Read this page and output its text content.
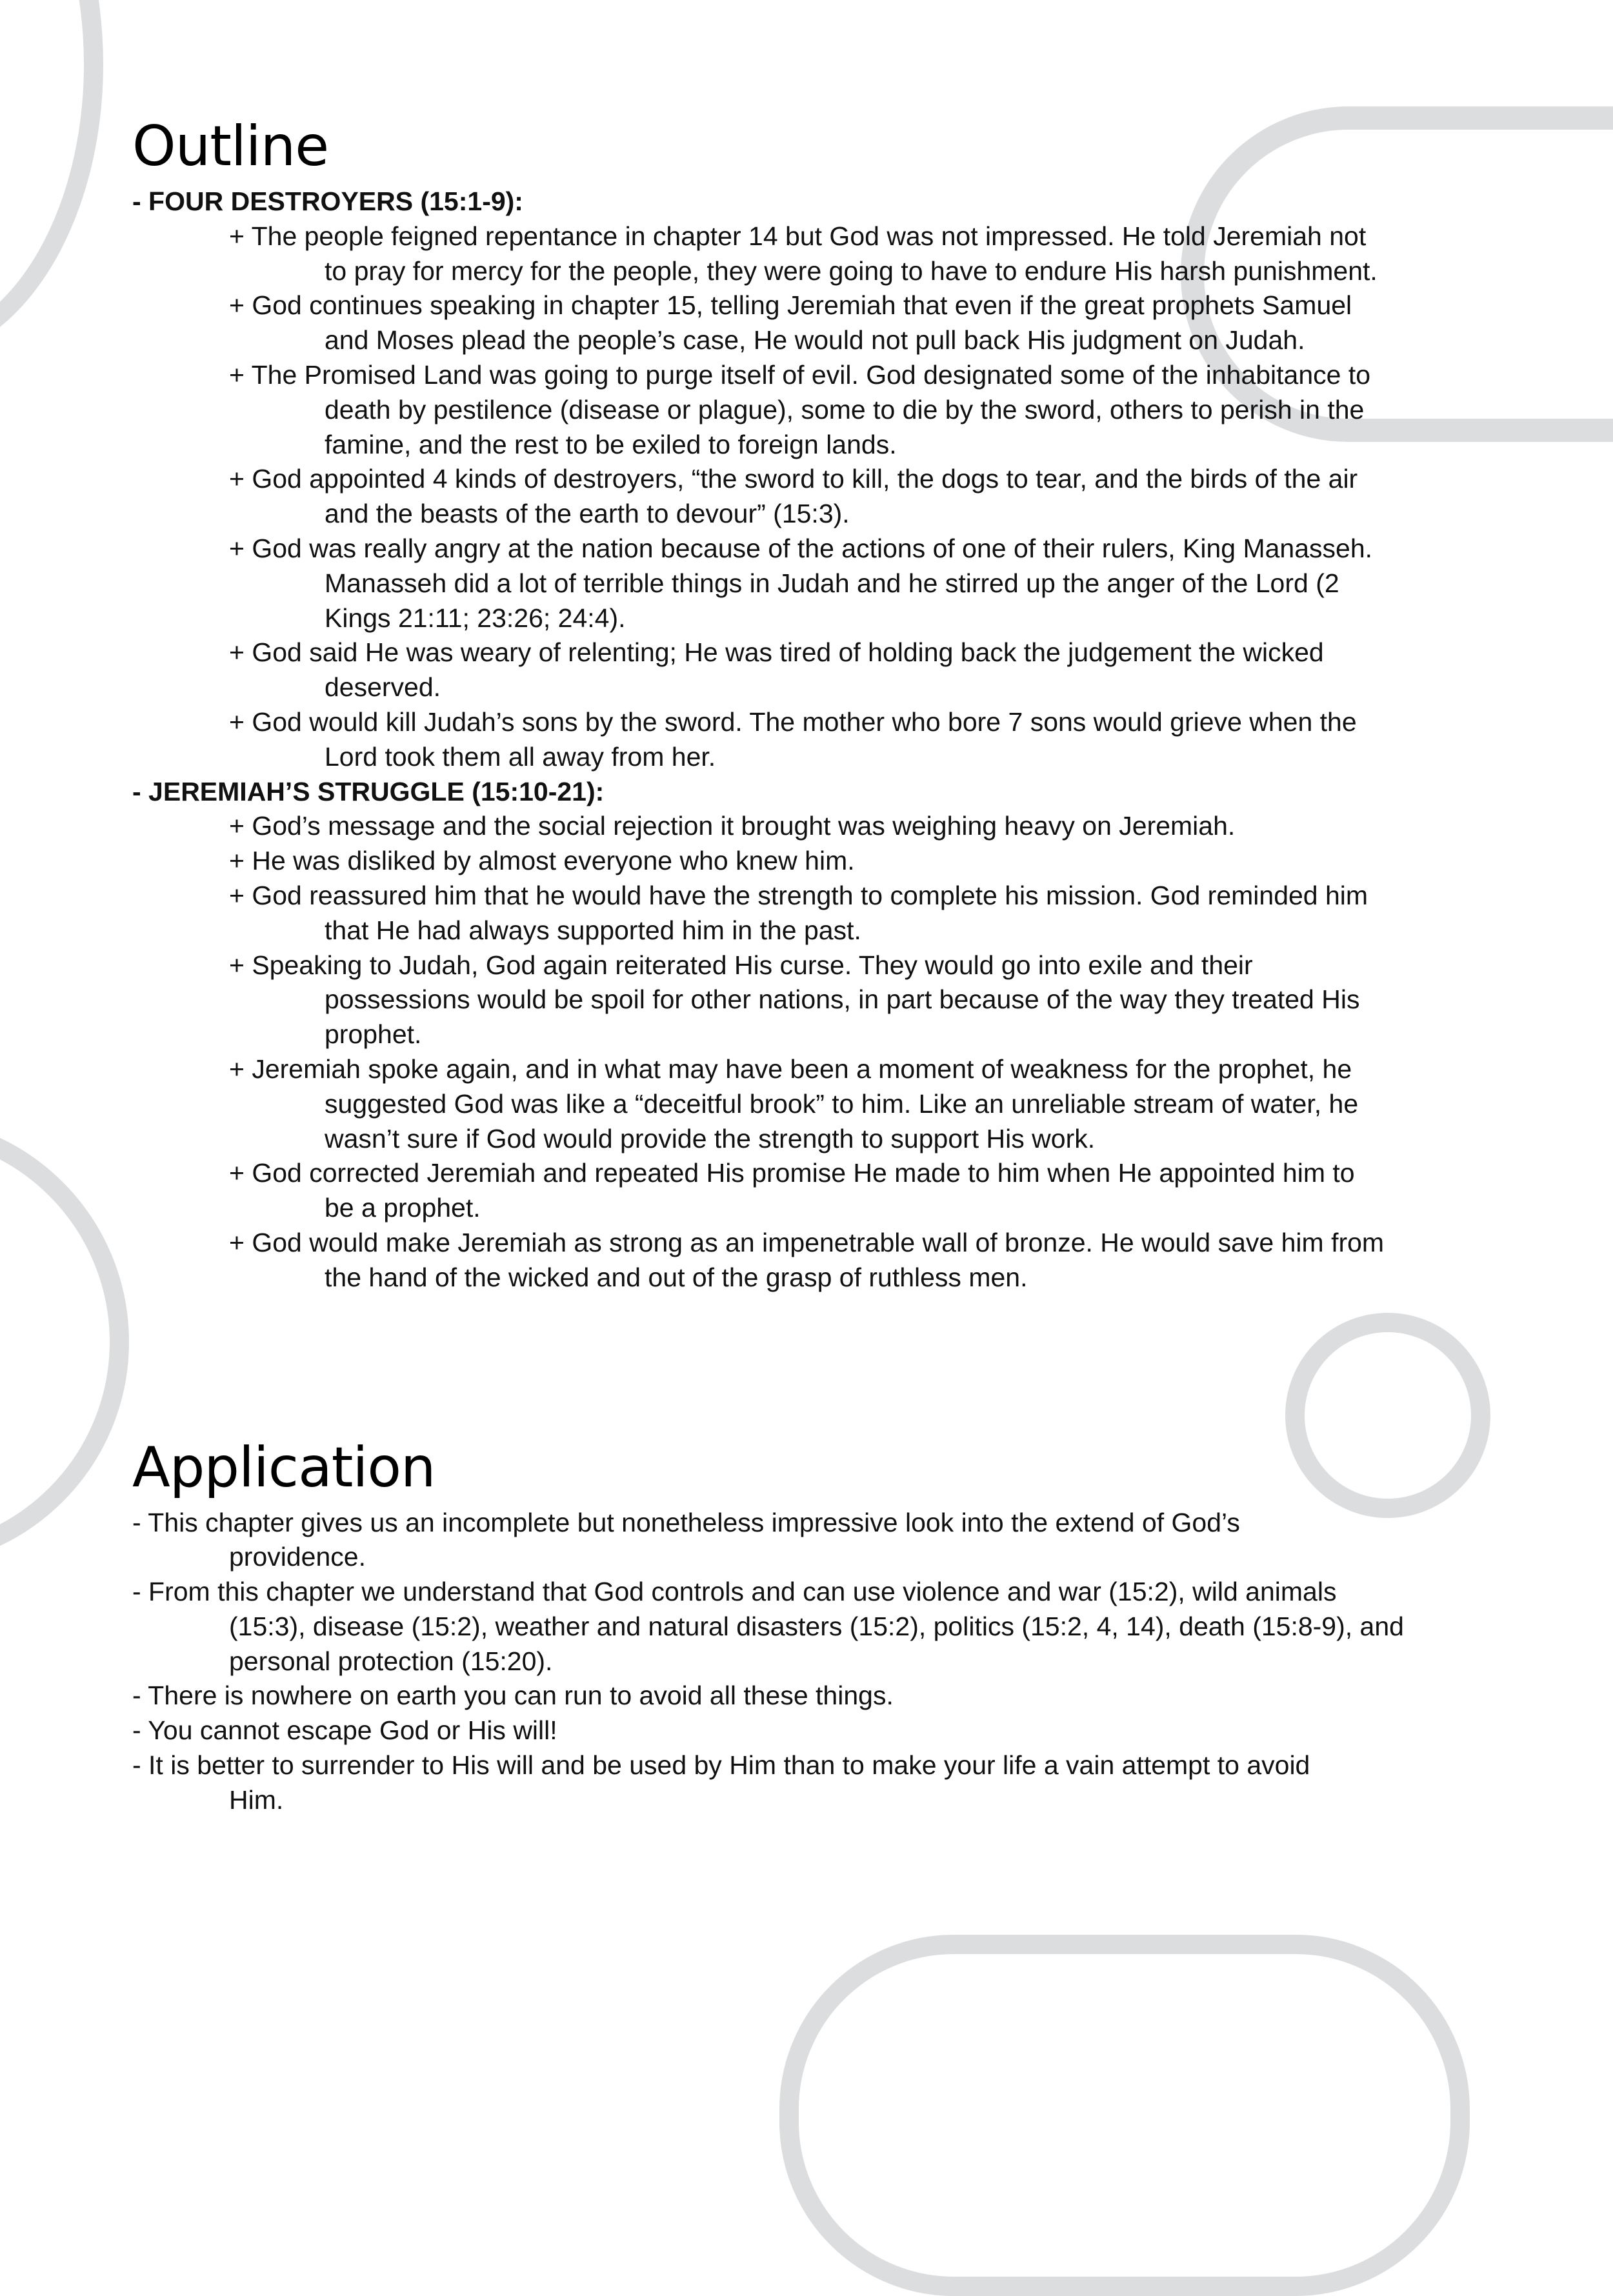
Outline

- FOUR DESTROYERS (15:1-9):

+ The people feigned repentance in chapter 14 but God was not impressed. He told Jeremiah not

to pray for mercy for the people, they were going to have to endure His harsh punishment.

+ God continues speaking in chapter 15, telling Jeremiah that even if the great prophets Samuel

and Moses plead the people’s case, He would not pull back His judgment on Judah.

+ The Promised Land was going to purge itself of evil. God designated some of the inhabitance to

death by pestilence (disease or plague), some to die by the sword, others to perish in the

famine, and the rest to be exiled to foreign lands.

+ God appointed 4 kinds of destroyers, “the sword to kill, the dogs to tear, and the birds of the air

and the beasts of the earth to devour” (15:3).

+ God was really angry at the nation because of the actions of one of their rulers, King Manasseh.

Manasseh did a lot of terrible things in Judah and he stirred up the anger of the Lord (2

Kings 21:11; 23:26; 24:4).

+ God said He was weary of relenting; He was tired of holding back the judgement the wicked

deserved.

+ God would kill Judah’s sons by the sword. The mother who bore 7 sons would grieve when the

Lord took them all away from her.

- JEREMIAH’S STRUGGLE (15:10-21):

+ God’s message and the social rejection it brought was weighing heavy on Jeremiah.

+ He was disliked by almost everyone who knew him.

+ God reassured him that he would have the strength to complete his mission. God reminded him

that He had always supported him in the past.

+ Speaking to Judah, God again reiterated His curse. They would go into exile and their

possessions would be spoil for other nations, in part because of the way they treated His

prophet.

+ Jeremiah spoke again, and in what may have been a moment of weakness for the prophet, he

suggested God was like a “deceitful brook” to him. Like an unreliable stream of water, he

wasn’t sure if God would provide the strength to support His work.

+ God corrected Jeremiah and repeated His promise He made to him when He appointed him to

be a prophet.

+ God would make Jeremiah as strong as an impenetrable wall of bronze. He would save him from

the hand of the wicked and out of the grasp of ruthless men.

Application

- This chapter gives us an incomplete but nonetheless impressive look into the extend of God’s

providence.

- From this chapter we understand that God controls and can use violence and war (15:2), wild animals

(15:3), disease (15:2), weather and natural disasters (15:2), politics (15:2, 4, 14), death (15:8-9), and

personal protection (15:20).

- There is nowhere on earth you can run to avoid all these things.

- You cannot escape God or His will!

- It is better to surrender to His will and be used by Him than to make your life a vain attempt to avoid

Him.
